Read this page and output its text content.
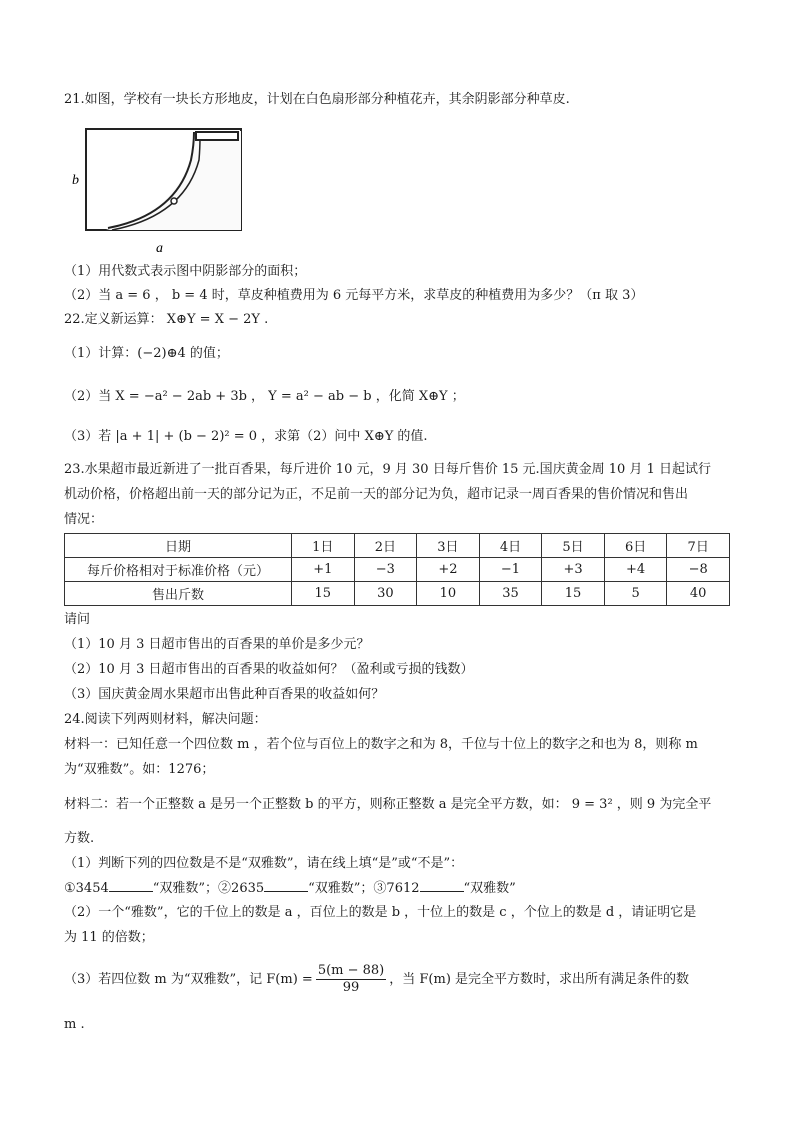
21.如图，学校有一块长方形地皮，计划在白色扇形部分种植花卉，其余阴影部分种草皮.
b
a
（1）用代数式表示图中阴影部分的面积；
（2）当 a = 6 ， b = 4 时，草皮种植费用为 6 元每平方米，求草皮的种植费用为多少？（π 取 3）
22.定义新运算： X⊕Y = X − 2Y .
（1）计算：(−2)⊕4 的值；
（2）当 X = −a² − 2ab + 3b ， Y = a² − ab − b ，化简 X⊕Y ；
（3）若 |a + 1| + (b − 2)² = 0 ，求第（2）问中 X⊕Y 的值.
23.水果超市最近新进了一批百香果，每斤进价 10 元，9 月 30 日每斤售价 15 元.国庆黄金周 10 月 1 日起试行
机动价格，价格超出前一天的部分记为正，不足前一天的部分记为负，超市记录一周百香果的售价情况和售出
情况：
日期	1日	2日	3日	4日	5日	6日	7日
每斤价格相对于标准价格（元）	+1	−3	+2	−1	+3	+4	−8
售出斤数	15	30	10	35	15	5	40
请问
（1）10 月 3 日超市售出的百香果的单价是多少元？
（2）10 月 3 日超市售出的百香果的收益如何？（盈利或亏损的钱数）
（3）国庆黄金周水果超市出售此种百香果的收益如何？
24.阅读下列两则材料，解决问题：
材料一：已知任意一个四位数 m ，若个位与百位上的数字之和为 8，千位与十位上的数字之和也为 8，则称 m
为“双雅数”。如：1276；
材料二：若一个正整数 a 是另一个正整数 b 的平方，则称正整数 a 是完全平方数，如： 9 = 3² ，则 9 为完全平
方数.
（1）判断下列的四位数是不是“双雅数”，请在线上填“是”或“不是”：
①3454	“双雅数”；②2635	“双雅数”；③7612	“双雅数”
（2）一个“雅数”，它的千位上的数是 a ，百位上的数是 b ，十位上的数是 c ，个位上的数是 d ，请证明它是
为 11 的倍数；
（3）若四位数 m 为“双雅数”，记 $F(m) = \frac{5(m - 88)}{99}$ ，当 F(m) 是完全平方数时，求出所有满足条件的数
m .
